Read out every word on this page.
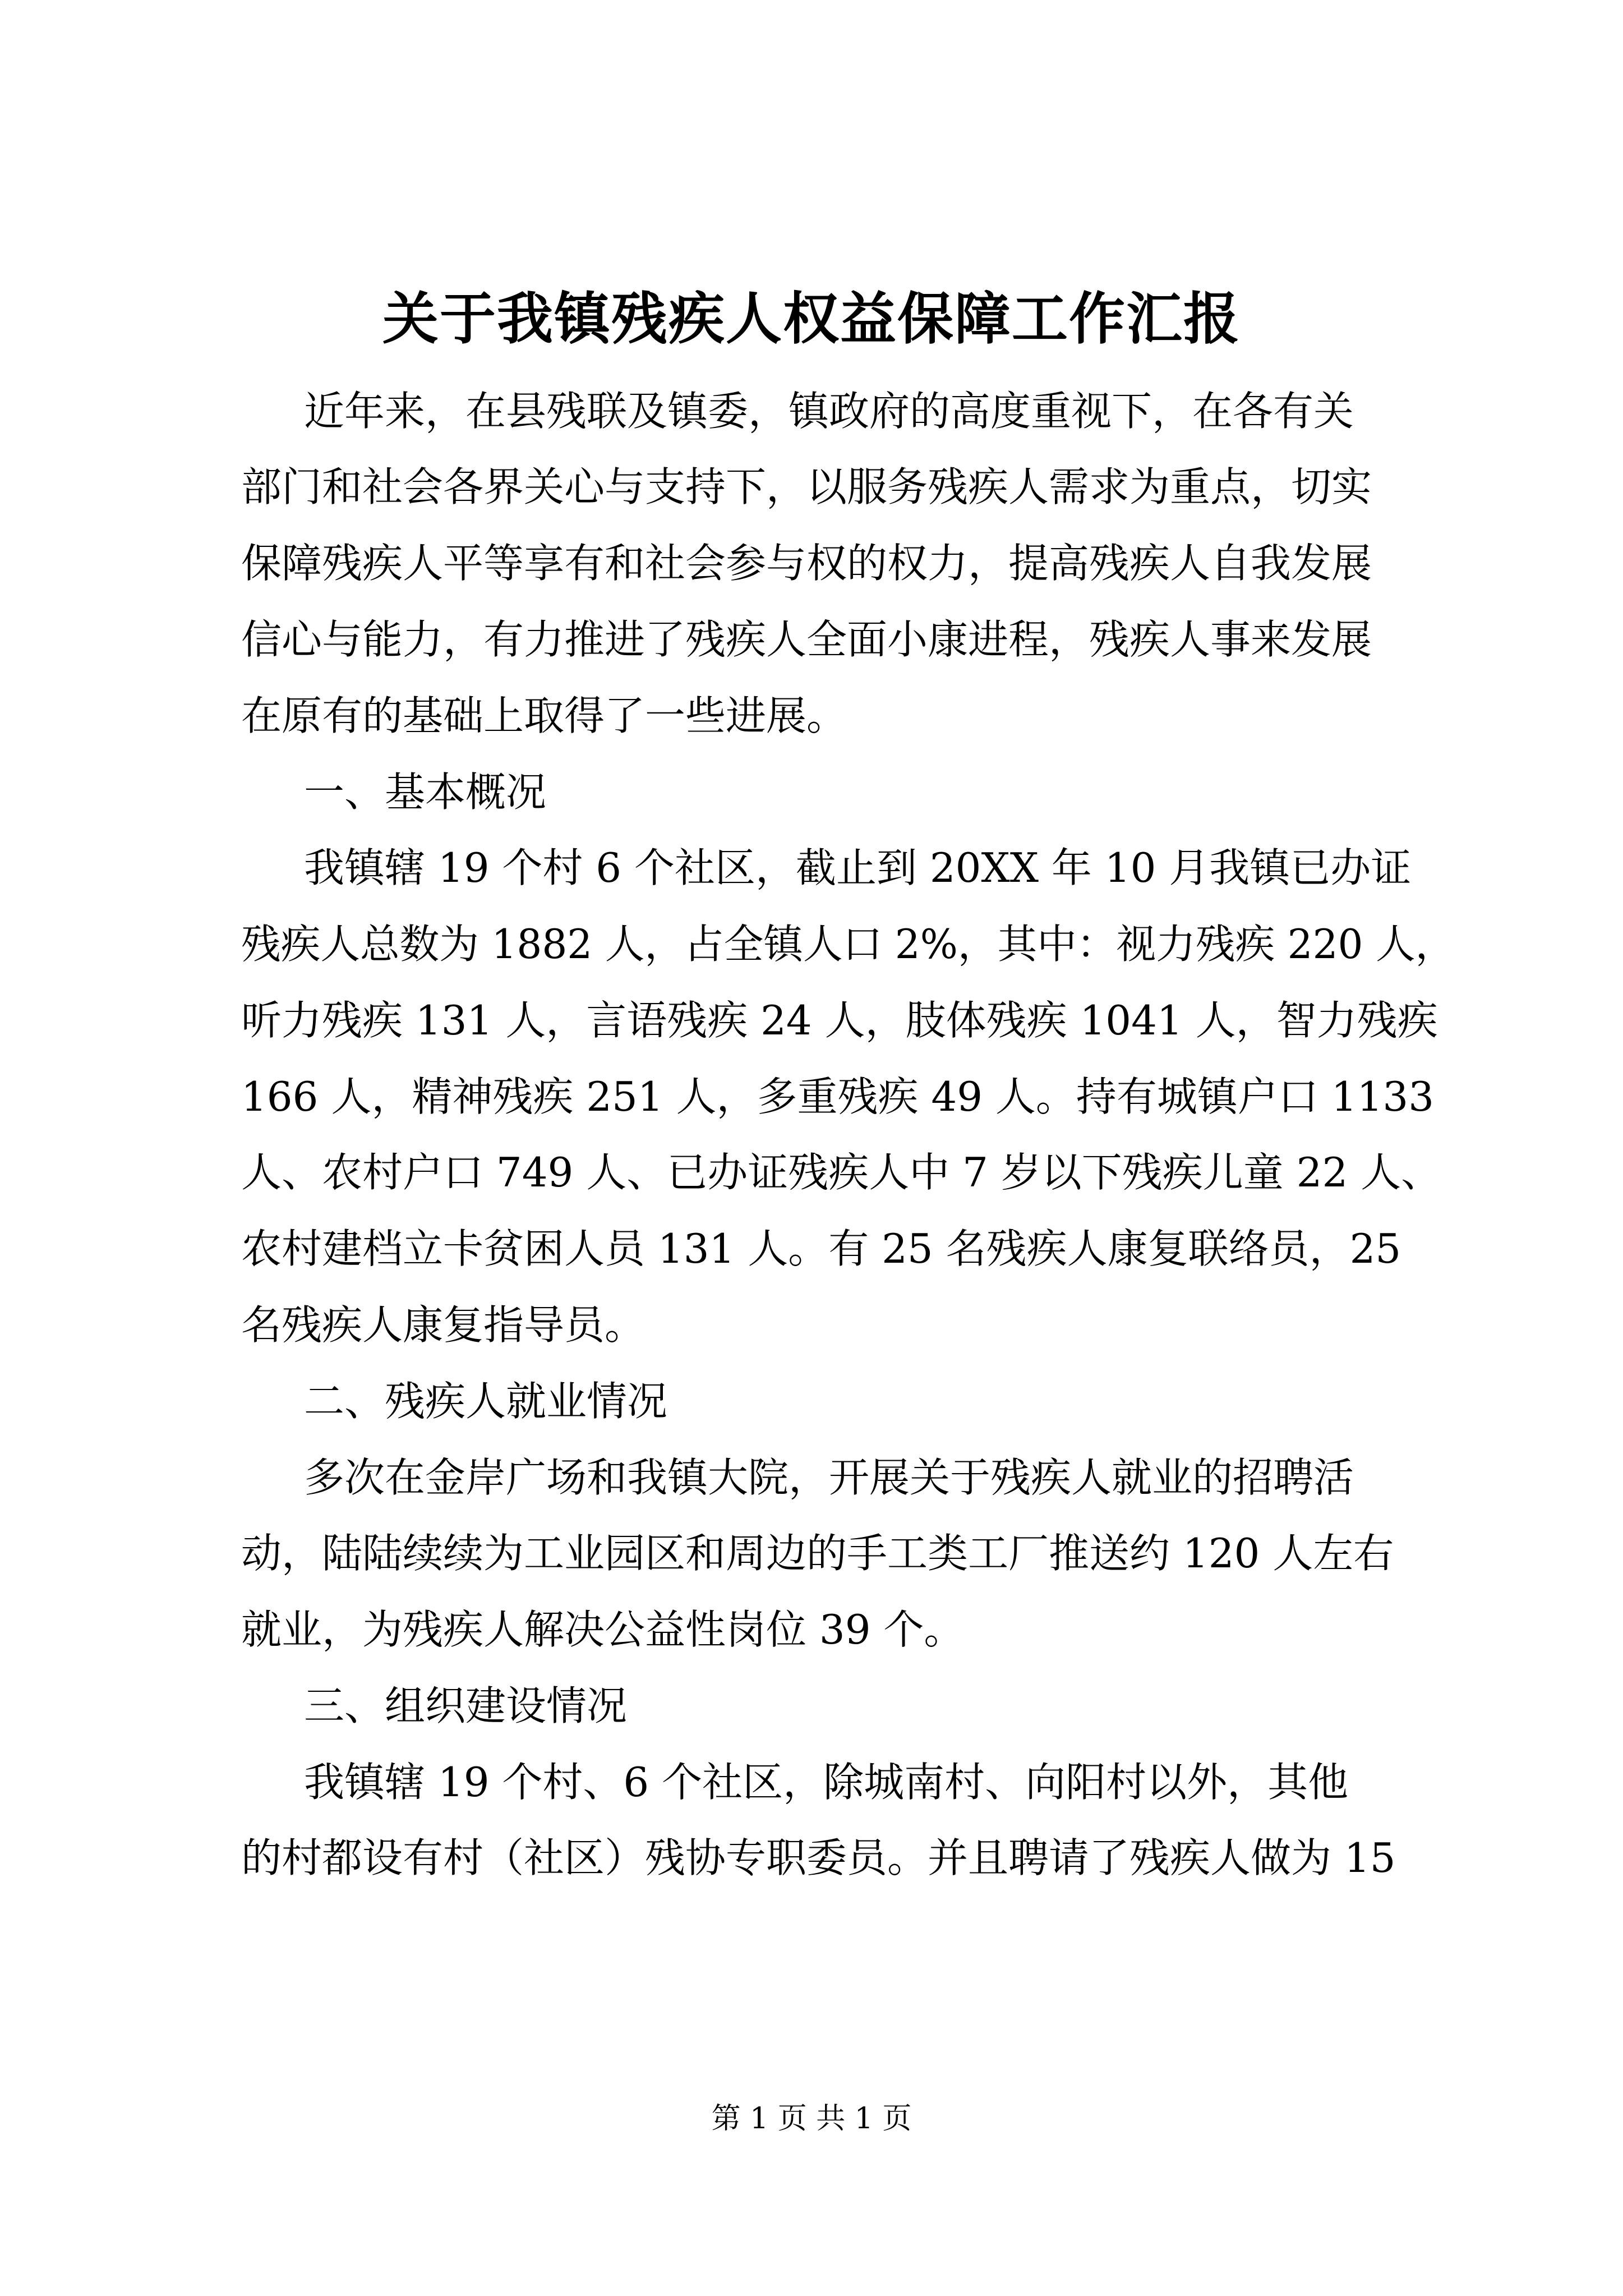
关于我镇残疾人权益保障工作汇报
近年来，在县残联及镇委，镇政府的高度重视下，在各有关
部门和社会各界关心与支持下，以服务残疾人需求为重点，切实
保障残疾人平等享有和社会参与权的权力，提高残疾人自我发展
信心与能力，有力推进了残疾人全面小康进程，残疾人事来发展
在原有的基础上取得了一些进展。
一、基本概况
我镇辖 19 个村 6 个社区，截止到 20XX 年 10 月我镇已办证
残疾人总数为 1882 人，占全镇人口 2%，其中：视力残疾 220 人，
听力残疾 131 人，言语残疾 24 人，肢体残疾 1041 人，智力残疾
166 人，精神残疾 251 人，多重残疾 49 人。持有城镇户口 1133
人、农村户口 749 人、已办证残疾人中 7 岁以下残疾儿童 22 人、
农村建档立卡贫困人员 131 人。有 25 名残疾人康复联络员，25
名残疾人康复指导员。
二、残疾人就业情况
多次在金岸广场和我镇大院，开展关于残疾人就业的招聘活
动，陆陆续续为工业园区和周边的手工类工厂推送约 120 人左右
就业，为残疾人解决公益性岗位 39 个。
三、组织建设情况
我镇辖 19 个村、6 个社区，除城南村、向阳村以外，其他
的村都设有村（社区）残协专职委员。并且聘请了残疾人做为 15
第 1 页 共 1 页
